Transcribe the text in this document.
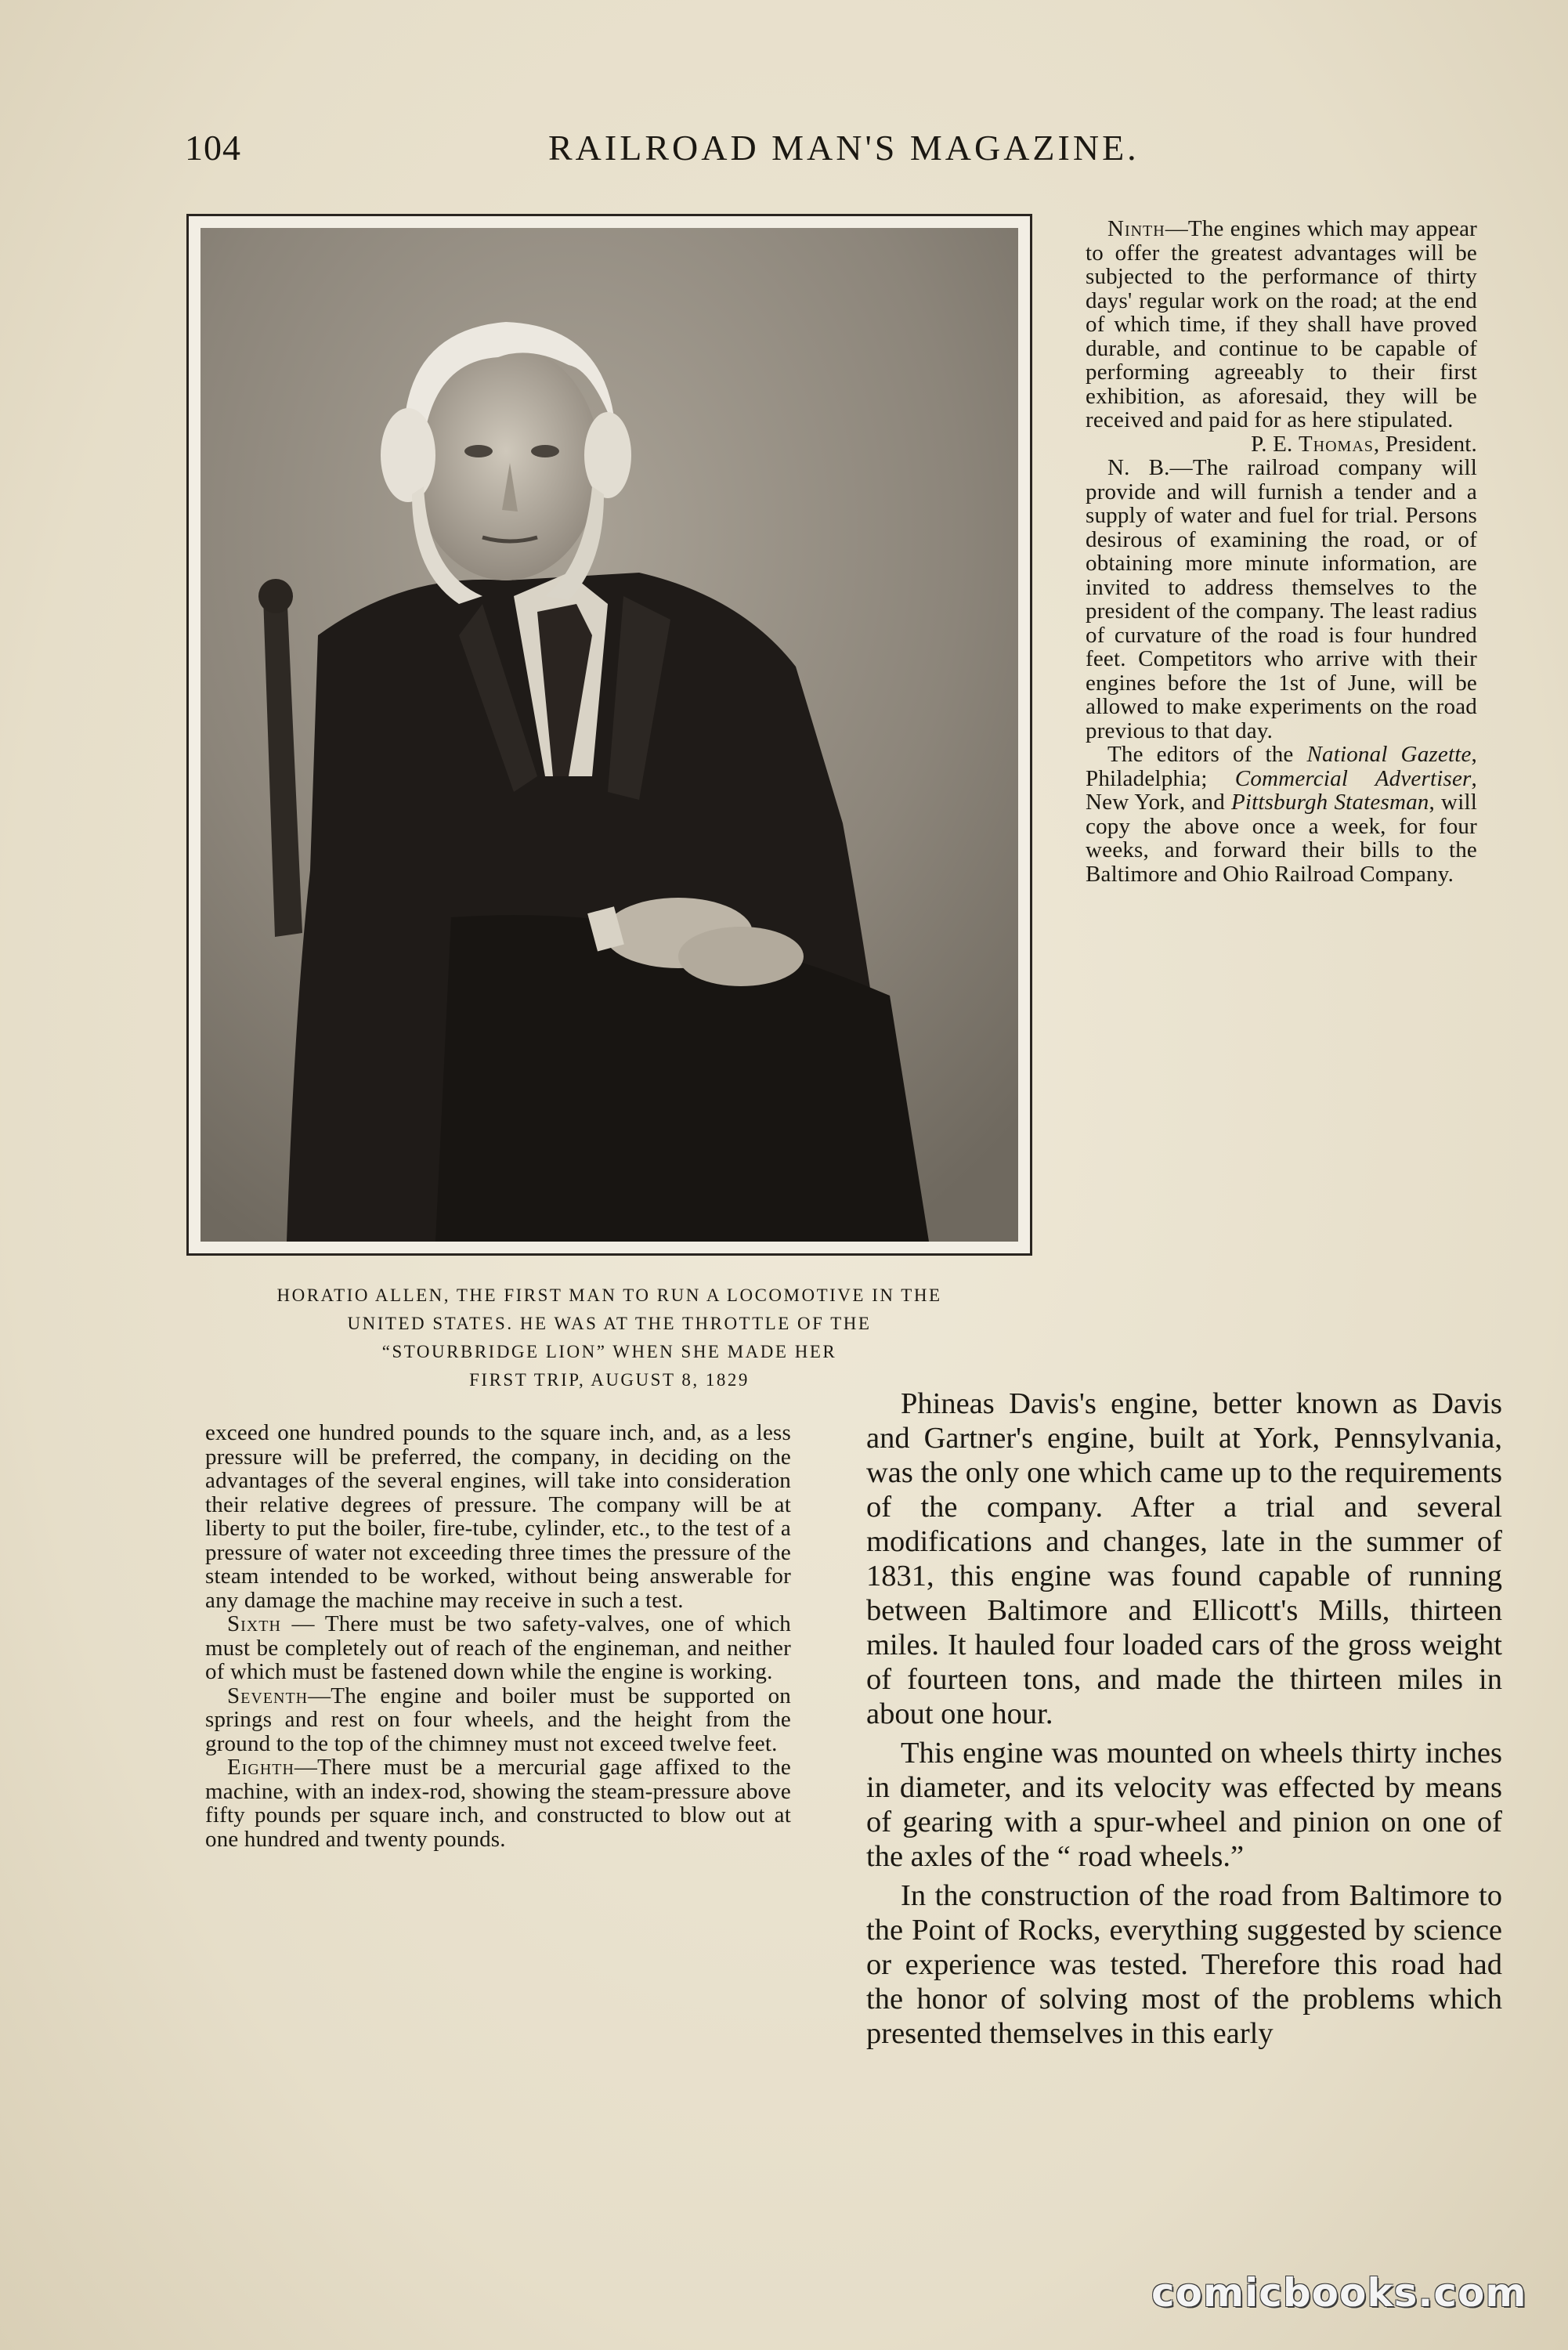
104	RAILROAD MAN'S MAGAZINE.
HORATIO ALLEN, THE FIRST MAN TO RUN A LOCOMOTIVE IN THE
UNITED STATES. HE WAS AT THE THROTTLE OF THE
“STOURBRIDGE LION” WHEN SHE MADE HER
FIRST TRIP, AUGUST 8, 1829

Ninth—The engines which may appear to offer the greatest advantages will be subjected to the performance of thirty days' regular work on the road; at the end of which time, if they shall have proved durable, and continue to be capable of performing agreeably to their first exhibition, as aforesaid, they will be received and paid for as here stipulated.

P. E. Thomas, President.

N. B.—The railroad company will provide and will furnish a tender and a supply of water and fuel for trial. Persons desirous of examining the road, or of obtaining more minute information, are invited to address themselves to the president of the company. The least radius of curvature of the road is four hundred feet. Competitors who arrive with their engines before the 1st of June, will be allowed to make experiments on the road previous to that day.

The editors of the National Gazette, Philadelphia; Commercial Advertiser, New York, and Pittsburgh Statesman, will copy the above once a week, for four weeks, and forward their bills to the Baltimore and Ohio Railroad Company.

exceed one hundred pounds to the square inch, and, as a less pressure will be preferred, the company, in deciding on the advantages of the several engines, will take into consideration their relative degrees of pressure. The company will be at liberty to put the boiler, fire-tube, cylinder, etc., to the test of a pressure of water not exceeding three times the pressure of the steam intended to be worked, without being answerable for any damage the machine may receive in such a test.

Sixth — There must be two safety-valves, one of which must be completely out of reach of the engineman, and neither of which must be fastened down while the engine is working.

Seventh—The engine and boiler must be supported on springs and rest on four wheels, and the height from the ground to the top of the chimney must not exceed twelve feet.

Eighth—There must be a mercurial gage affixed to the machine, with an index-rod, showing the steam-pressure above fifty pounds per square inch, and constructed to blow out at one hundred and twenty pounds.

Phineas Davis's engine, better known as Davis and Gartner's engine, built at York, Pennsylvania, was the only one which came up to the requirements of the company. After a trial and several modifications and changes, late in the summer of 1831, this engine was found capable of running between Baltimore and Ellicott's Mills, thirteen miles. It hauled four loaded cars of the gross weight of fourteen tons, and made the thirteen miles in about one hour.

This engine was mounted on wheels thirty inches in diameter, and its velocity was effected by means of gearing with a spur-wheel and pinion on one of the axles of the “ road wheels.”

In the construction of the road from Baltimore to the Point of Rocks, everything suggested by science or experience was tested. Therefore this road had the honor of solving most of the problems which presented themselves in this early

comicbooks.com
